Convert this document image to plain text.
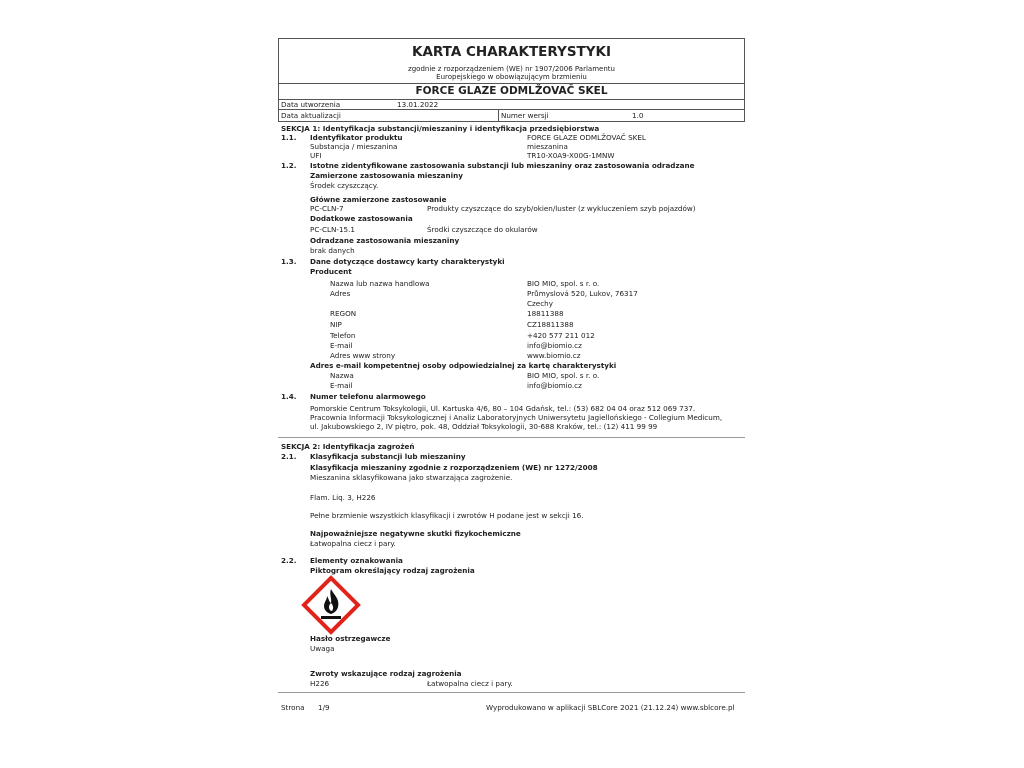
KARTA CHARAKTERYSTYKI
zgodnie z rozporządzeniem (WE) nr 1907/2006 Parlamentu
Europejskiego w obowiązującym brzmieniu
FORCE GLAZE ODMLŽOVAČ SKEL
Data utworzenia	13.01.2022
Data aktualizacji	Numer wersji	1.0
SEKCJA 1: Identyfikacja substancji/mieszaniny i identyfikacja przedsiębiorstwa
1.1. Identyfikator produktu	FORCE GLAZE ODMLŽOVAČ SKEL
Substancja / mieszanina	mieszanina
UFI	TR10-X0A9-X00G-1MNW
1.2. Istotne zidentyfikowane zastosowania substancji lub mieszaniny oraz zastosowania odradzane
Zamierzone zastosowania mieszaniny
Środek czyszczący.
Główne zamierzone zastosowanie
PC-CLN-7	Produkty czyszczące do szyb/okien/luster (z wykluczeniem szyb pojazdów)
Dodatkowe zastosowania
PC-CLN-15.1	Środki czyszczące do okularów
Odradzane zastosowania mieszaniny
brak danych
1.3. Dane dotyczące dostawcy karty charakterystyki
Producent
Nazwa lub nazwa handlowa	BIO MIO, spol. s r. o.
Adres	Průmyslová 520, Lukov, 76317
Czechy
REGON	18811388
NIP	CZ18811388
Telefon	+420 577 211 012
E-mail	info@biomio.cz
Adres www strony	www.biomio.cz
Adres e-mail kompetentnej osoby odpowiedzialnej za kartę charakterystyki
Nazwa	BIO MIO, spol. s r. o.
E-mail	info@biomio.cz
1.4. Numer telefonu alarmowego
Pomorskie Centrum Toksykologii, Ul. Kartuska 4/6, 80 – 104 Gdańsk, tel.: (53) 682 04 04 oraz 512 069 737.
Pracownia Informacji Toksykologicznej i Analiz Laboratoryjnych Uniwersytetu Jagiellońskiego - Collegium Medicum,
ul. Jakubowskiego 2, IV piętro, pok. 48, Oddział Toksykologii, 30-688 Kraków, tel.: (12) 411 99 99
SEKCJA 2: Identyfikacja zagrożeń
2.1. Klasyfikacja substancji lub mieszaniny
Klasyfikacja mieszaniny zgodnie z rozporządzeniem (WE) nr 1272/2008
Mieszanina sklasyfikowana jako stwarzająca zagrożenie.
Flam. Liq. 3, H226
Pełne brzmienie wszystkich klasyfikacji i zwrotów H podane jest w sekcji 16.
Najpoważniejsze negatywne skutki fizykochemiczne
Łatwopalna ciecz i pary.
2.2. Elementy oznakowania
Piktogram określający rodzaj zagrożenia
Hasło ostrzegawcze
Uwaga
Zwroty wskazujące rodzaj zagrożenia
H226	Łatwopalna ciecz i pary.
Strona 1/9	Wyprodukowano w aplikacji SBLCore 2021 (21.12.24) www.sblcore.pl
